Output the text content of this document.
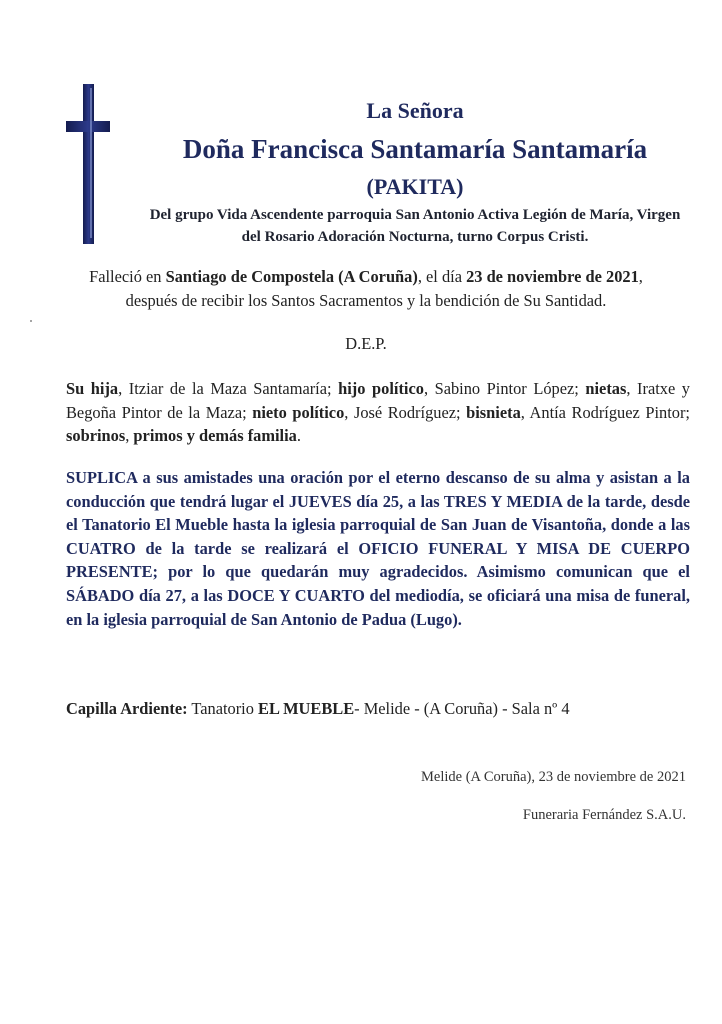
La Señora
Doña Francisca Santamaría Santamaría
(PAKITA)
Del grupo Vida Ascendente parroquia San Antonio Activa Legión de María, Virgen
del Rosario Adoración Nocturna, turno Corpus Cristi.
Falleció en Santiago de Compostela (A Coruña), el día 23 de noviembre de 2021,
después de recibir los Santos Sacramentos y la bendición de Su Santidad.
D.E.P.
Su hija, Itziar de la Maza Santamaría; hijo político, Sabino Pintor López; nietas, Iratxe y Begoña Pintor de la Maza; nieto político, José Rodríguez; bisnieta, Antía Rodríguez Pintor; sobrinos, primos y demás familia.
SUPLICA a sus amistades una oración por el eterno descanso de su alma y asistan a la conducción que tendrá lugar el JUEVES día 25, a las TRES Y MEDIA de la tarde, desde el Tanatorio El Mueble hasta la iglesia parroquial de San Juan de Visantoña, donde a las CUATRO de la tarde se realizará el OFICIO FUNERAL Y MISA DE CUERPO PRESENTE; por lo que quedarán muy agradecidos. Asimismo comunican que el SÁBADO día 27, a las DOCE Y CUARTO del mediodía, se oficiará una misa de funeral, en la iglesia parroquial de San Antonio de Padua (Lugo).
Capilla Ardiente: Tanatorio EL MUEBLE- Melide - (A Coruña) - Sala nº 4
Melide (A Coruña), 23 de noviembre de 2021
Funeraria Fernández S.A.U.
